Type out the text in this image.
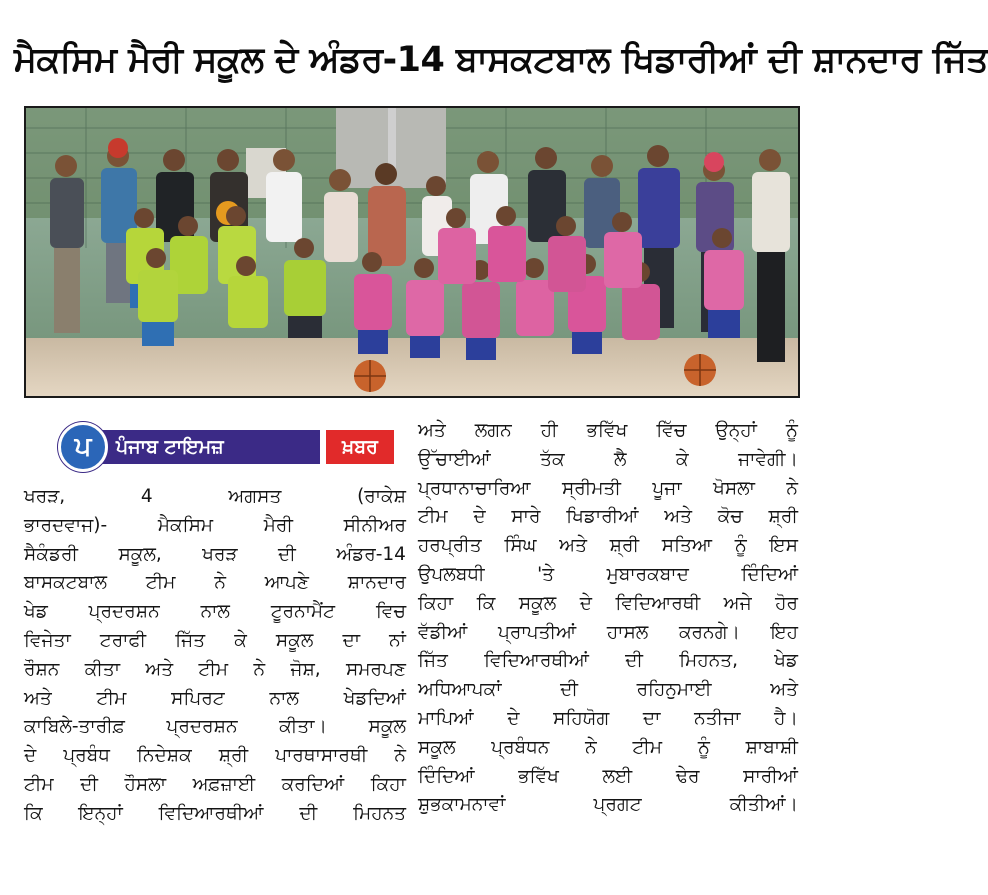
ਮੈਕਸਿਮ ਮੈਰੀ ਸਕੂਲ ਦੇ ਅੰਡਰ-14 ਬਾਸਕਟਬਾਲ ਖਿਡਾਰੀਆਂ ਦੀ ਸ਼ਾਨਦਾਰ ਜਿੱਤ
ਪ	ਪੰਜਾਬ ਟਾਇਮਜ਼	ਖ਼ਬਰ
ਖਰੜ,	4	ਅਗਸਤ	(ਰਾਕੇਸ਼
ਭਾਰਦਵਾਜ)-	ਮੈਕਸਿਮ	ਮੈਰੀ	ਸੀਨੀਅਰ
ਸੈਕੰਡਰੀ ਸਕੂਲ, ਖਰੜ ਦੀ ਅੰਡਰ-14
ਬਾਸਕਟਬਾਲ ਟੀਮ ਨੇ ਆਪਣੇ ਸ਼ਾਨਦਾਰ
ਖੇਡ ਪ੍ਰਦਰਸ਼ਨ ਨਾਲ ਟੂਰਨਾਮੈਂਟ ਵਿਚ
ਵਿਜੇਤਾ ਟਰਾਫੀ ਜਿੱਤ ਕੇ ਸਕੂਲ ਦਾ ਨਾਂ
ਰੌਸ਼ਨ ਕੀਤਾ ਅਤੇ ਟੀਮ ਨੇ ਜੋਸ਼, ਸਮਰਪਣ
ਅਤੇ ਟੀਮ ਸਪਿਰਟ ਨਾਲ ਖੇਡਦਿਆਂ
ਕਾਬਿਲੇ-ਤਾਰੀਫ਼ ਪ੍ਰਦਰਸ਼ਨ ਕੀਤਾ। ਸਕੂਲ
ਦੇ ਪ੍ਰਬੰਧ ਨਿਦੇਸ਼ਕ ਸ਼੍ਰੀ ਪਾਰਥਾਸਾਰਥੀ ਨੇ
ਟੀਮ ਦੀ ਹੌਸਲਾ ਅਫ਼ਜ਼ਾਈ ਕਰਦਿਆਂ ਕਿਹਾ
ਕਿ ਇਨ੍ਹਾਂ ਵਿਦਿਆਰਥੀਆਂ ਦੀ ਮਿਹਨਤ
ਅਤੇ ਲਗਨ ਹੀ ਭਵਿੱਖ ਵਿੱਚ ਉਨ੍ਹਾਂ ਨੂੰ
ਉੱਚਾਈਆਂ	ਤੱਕ	ਲੈ	ਕੇ	ਜਾਵੇਗੀ।
ਪ੍ਰਧਾਨਾਚਾਰਿਆ ਸ੍ਰੀਮਤੀ ਪੂਜਾ ਖੋਸਲਾ ਨੇ
ਟੀਮ ਦੇ ਸਾਰੇ ਖਿਡਾਰੀਆਂ ਅਤੇ ਕੋਚ ਸ਼੍ਰੀ
ਹਰਪ੍ਰੀਤ ਸਿੰਘ ਅਤੇ ਸ਼੍ਰੀ ਸਤਿਆ ਨੂੰ ਇਸ
ਉਪਲਬਧੀ	'ਤੇ	ਮੁਬਾਰਕਬਾਦ	ਦਿੰਦਿਆਂ
ਕਿਹਾ ਕਿ ਸਕੂਲ ਦੇ ਵਿਦਿਆਰਥੀ ਅਜੇ ਹੋਰ
ਵੱਡੀਆਂ ਪ੍ਰਾਪਤੀਆਂ ਹਾਸਲ ਕਰਨਗੇ। ਇਹ
ਜਿੱਤ ਵਿਦਿਆਰਥੀਆਂ ਦੀ ਮਿਹਨਤ, ਖੇਡ
ਅਧਿਆਪਕਾਂ	ਦੀ	ਰਹਿਨੁਮਾਈ	ਅਤੇ
ਮਾਪਿਆਂ ਦੇ ਸਹਿਯੋਗ ਦਾ ਨਤੀਜਾ ਹੈ।
ਸਕੂਲ ਪ੍ਰਬੰਧਨ ਨੇ ਟੀਮ ਨੂੰ ਸ਼ਾਬਾਸ਼ੀ
ਦਿੰਦਿਆਂ ਭਵਿੱਖ ਲਈ ਢੇਰ ਸਾਰੀਆਂ
ਸ਼ੁਭਕਾਮਨਾਵਾਂ ਪ੍ਰਗਟ ਕੀਤੀਆਂ।
